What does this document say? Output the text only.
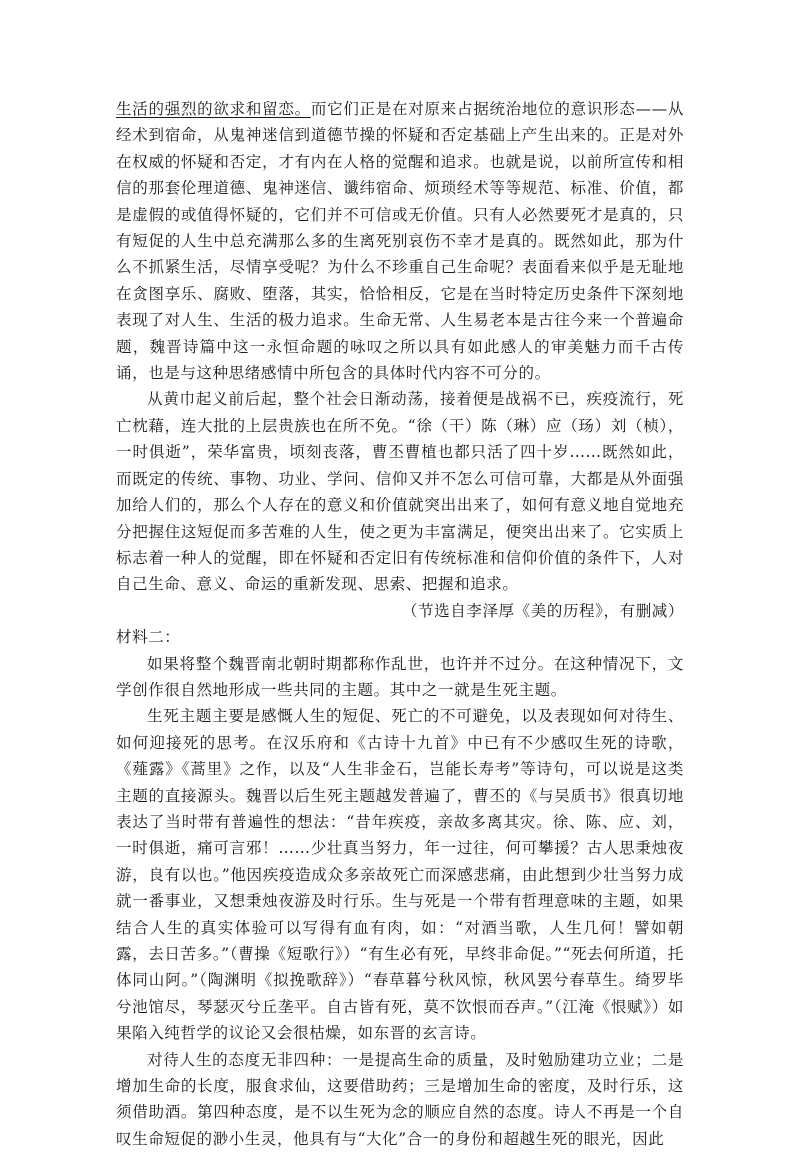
生活的强烈的欲求和留恋。而它们正是在对原来占据统治地位的意识形态——从经术到宿命，从鬼神迷信到道德节操的怀疑和否定基础上产生出来的。正是对外在权威的怀疑和否定，才有内在人格的觉醒和追求。也就是说，以前所宣传和相信的那套伦理道德、鬼神迷信、谶纬宿命、烦琐经术等等规范、标准、价值，都是虚假的或值得怀疑的，它们并不可信或无价值。只有人必然要死才是真的，只有短促的人生中总充满那么多的生离死别哀伤不幸才是真的。既然如此，那为什么不抓紧生活，尽情享受呢？为什么不珍重自己生命呢？表面看来似乎是无耻地在贪图享乐、腐败、堕落，其实，恰恰相反，它是在当时特定历史条件下深刻地表现了对人生、生活的极力追求。生命无常、人生易老本是古往今来一个普遍命题，魏晋诗篇中这一永恒命题的咏叹之所以具有如此感人的审美魅力而千古传诵，也是与这种思绪感情中所包含的具体时代内容不可分的。

从黄巾起义前后起，整个社会日渐动荡，接着便是战祸不已，疾疫流行，死亡枕藉，连大批的上层贵族也在所不免。“徐（干）陈（琳）应（玚）刘（桢），一时俱逝”，荣华富贵，顷刻丧落，曹丕曹植也都只活了四十岁……既然如此，而既定的传统、事物、功业、学问、信仰又并不怎么可信可靠，大都是从外面强加给人们的，那么个人存在的意义和价值就突出出来了，如何有意义地自觉地充分把握住这短促而多苦难的人生，使之更为丰富满足，便突出出来了。它实质上标志着一种人的觉醒，即在怀疑和否定旧有传统标准和信仰价值的条件下，人对自己生命、意义、命运的重新发现、思索、把握和追求。

（节选自李泽厚《美的历程》，有删减）

材料二：

如果将整个魏晋南北朝时期都称作乱世，也许并不过分。在这种情况下，文学创作很自然地形成一些共同的主题。其中之一就是生死主题。

生死主题主要是感慨人生的短促、死亡的不可避免，以及表现如何对待生、如何迎接死的思考。在汉乐府和《古诗十九首》中已有不少感叹生死的诗歌，《薤露》《蒿里》之作，以及“人生非金石，岂能长寿考”等诗句，可以说是这类主题的直接源头。魏晋以后生死主题越发普遍了，曹丕的《与吴质书》很真切地表达了当时带有普遍性的想法：“昔年疾疫，亲故多离其灾。徐、陈、应、刘，一时俱逝，痛可言邪！……少壮真当努力，年一过往，何可攀援？古人思秉烛夜游，良有以也。”他因疾疫造成众多亲故死亡而深感悲痛，由此想到少壮当努力成就一番事业，又想秉烛夜游及时行乐。生与死是一个带有哲理意味的主题，如果结合人生的真实体验可以写得有血有肉，如：“对酒当歌，人生几何！譬如朝露，去日苦多。”（曹操《短歌行》）“有生必有死，早终非命促。”“死去何所道，托体同山阿。”（陶渊明《拟挽歌辞》）“春草暮兮秋风惊，秋风罢兮春草生。绮罗毕兮池馆尽，琴瑟灭兮丘垄平。自古皆有死，莫不饮恨而吞声。”（江淹《恨赋》）如果陷入纯哲学的议论又会很枯燥，如东晋的玄言诗。

对待人生的态度无非四种：一是提高生命的质量，及时勉励建功立业；二是增加生命的长度，服食求仙，这要借助药；三是增加生命的密度，及时行乐，这须借助酒。第四种态度，是不以生死为念的顺应自然的态度。诗人不再是一个自叹生命短促的渺小生灵，他具有与“大化”合一的身份和超越生死的眼光，因此
